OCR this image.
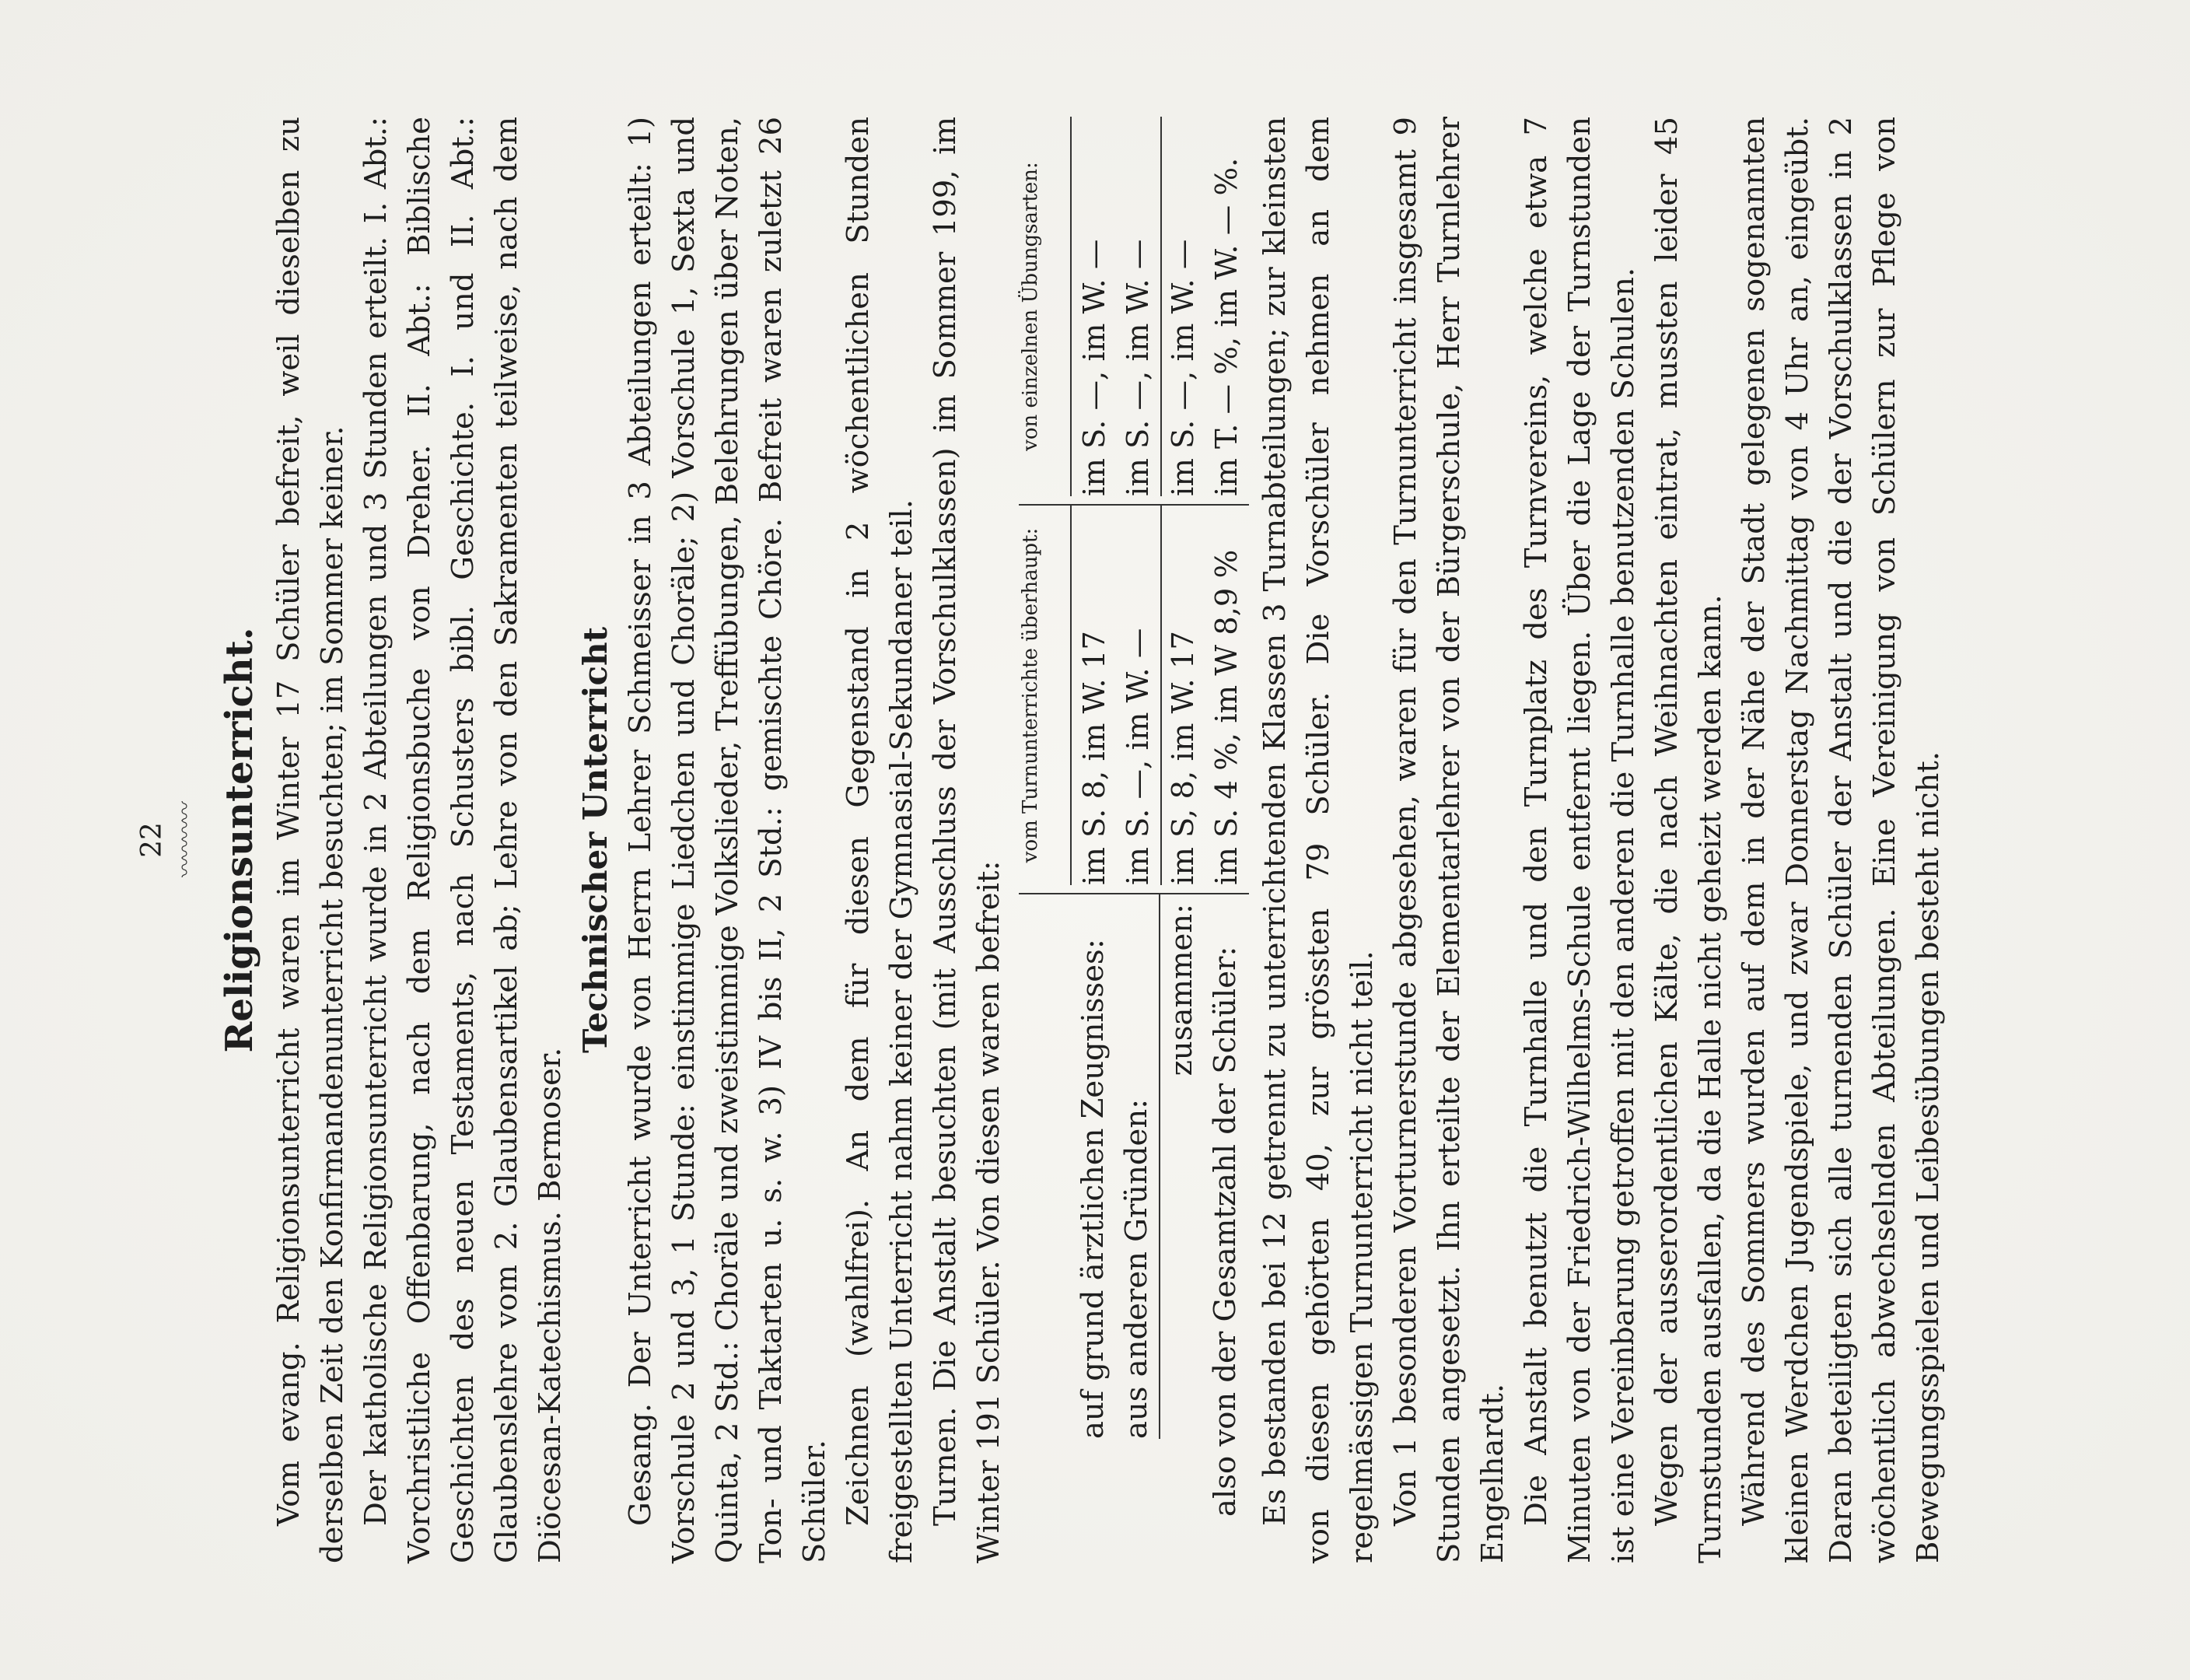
22 〰〰〰〰 Religionsunterricht. Vom evang. Religionsunterricht waren im Winter 17 Schüler befreit, weil dieselben zu derselben Zeit den Konfirmandenunterricht besuchten; im Sommer keiner. Der katholische Religionsunterricht wurde in 2 Abteilungen und 3 Stunden erteilt. I. Abt.: Vorchristliche Offenbarung, nach dem Religionsbuche von Dreher. II. Abt.: Biblische Geschichten des neuen Testaments, nach Schusters bibl. Geschichte. I. und II. Abt.: Glaubenslehre vom 2. Glaubensartikel ab; Lehre von den Sakramenten teilweise, nach dem Diöcesan-Katechismus. Bermoser.

Technischer Unterricht Gesang. Der Unterricht wurde von Herrn Lehrer Schmeisser in 3 Abteilungen erteilt: 1) Vorschule 2 und 3, 1 Stunde: einstimmige Liedchen und Choräle; 2) Vorschule 1, Sexta und Quinta, 2 Std.: Choräle und zweistimmige Volkslieder, Treffübungen, Belehrungen über Noten, Ton- und Taktarten u. s. w. 3) IV bis II, 2 Std.: gemischte Chöre. Befreit waren zuletzt 26 Schüler. Zeichnen (wahlfrei). An dem für diesen Gegenstand in 2 wöchentlichen Stunden freigestellten Unterricht nahm keiner der Gymnasial-Sekundaner teil. Turnen. Die Anstalt besuchten (mit Ausschluss der Vorschulklassen) im Sommer 199, im Winter 191 Schüler. Von diesen waren befreit: auf grund ärztlichen Zeugnisses: aus anderen Gründen:
zusammen: also von der Gesamtzahl der Schüler:
vom Turnunterrichte überhaupt:	im S. 8, im W. 17 im S. —, im W. — im S, 8, im W. 17 im S. 4 %, im W 8,9 %
von einzelnen Übungsarten:	im S. —, im W. — im S. —, im W. — im S. —, im W. — im T. — %, im W. — %. Es bestanden bei 12 getrennt zu unterrichtenden Klassen 3 Turnabteilungen; zur kleinsten von diesen gehörten 40, zur grössten 79 Schüler. Die Vorschüler nehmen an dem regelmässigen Turnunterricht nicht teil. Von 1 besonderen Vorturnerstunde abgesehen, waren für den Turnunterricht insgesamt 9 Stunden angesetzt. Ihn erteilte der Elementarlehrer von der Bürgerschule, Herr Turnlehrer Engelhardt. Die Anstalt benutzt die Turnhalle und den Turnplatz des Turnvereins, welche etwa 7 Minuten von der Friedrich-Wilhelms-Schule entfernt liegen. Über die Lage der Turnstunden ist eine Vereinbarung getroffen mit den anderen die Turnhalle benutzenden Schulen. Wegen der ausserordentlichen Kälte, die nach Weihnachten eintrat, mussten leider 45 Turnstunden ausfallen, da die Halle nicht geheizt werden kann. Während des Sommers wurden auf dem in der Nähe der Stadt gelegenen sogenannten kleinen Werdchen Jugendspiele, und zwar Donnerstag Nachmittag von 4 Uhr an, eingeübt. Daran beteiligten sich alle turnenden Schüler der Anstalt und die der Vorschulklassen in 2 wöchentlich abwechselnden Abteilungen. Eine Vereinigung von Schülern zur Pflege von Bewegungsspielen und Leibesübungen besteht nicht.
